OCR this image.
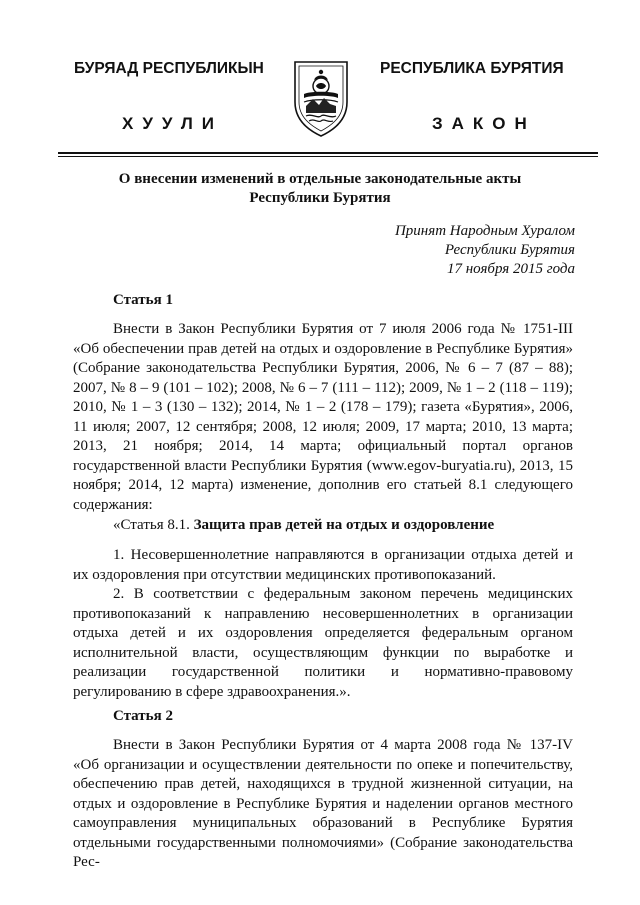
БУРЯАД РЕСПУБЛИКЫН	РЕСПУБЛИКА БУРЯТИЯ
ХУУЛИ	ЗАКОН
О внесении изменений в отдельные законодательные акты
Республики Бурятия
Принят Народным Хуралом
Республики Бурятия
17 ноября 2015 года
Статья 1

Внести в Закон Республики Бурятия от 7 июля 2006 года № 1751-III «Об обеспечении прав детей на отдых и оздоровление в Республике Бурятия» (Собрание законодательства Республики Бурятия, 2006, № 6 – 7 (87 – 88); 2007, № 8 – 9 (101 – 102); 2008, № 6 – 7 (111 – 112); 2009, № 1 – 2 (118 – 119); 2010, № 1 – 3 (130 – 132); 2014, № 1 – 2 (178 – 179); газета «Бурятия», 2006, 11 июля; 2007, 12 сентября; 2008, 12 июля; 2009, 17 марта; 2010, 13 марта; 2013, 21 ноября; 2014, 14 марта; официальный портал органов государственной власти Республики Бурятия (www.egov-buryatia.ru), 2013, 15 ноября; 2014, 12 марта) изменение, дополнив его статьей 8.1 следующего содержания:

«Статья 8.1. Защита прав детей на отдых и оздоровление

1. Несовершеннолетние направляются в организации отдыха детей и их оздоровления при отсутствии медицинских противопоказаний.

2. В соответствии с федеральным законом перечень медицинских противопоказаний к направлению несовершеннолетних в организации отдыха детей и их оздоровления определяется федеральным органом исполнительной власти, осуществляющим функции по выработке и реализации государственной политики и нормативно-правовому регулированию в сфере здравоохранения.».

Статья 2

Внести в Закон Республики Бурятия от 4 марта 2008 года № 137-IV «Об организации и осуществлении деятельности по опеке и попечительству, обеспечению прав детей, находящихся в трудной жизненной ситуации, на отдых и оздоровление в Республике Бурятия и наделении органов местного самоуправления муниципальных образований в Республике Бурятия отдельными государственными полномочиями» (Собрание законодательства Рес-
